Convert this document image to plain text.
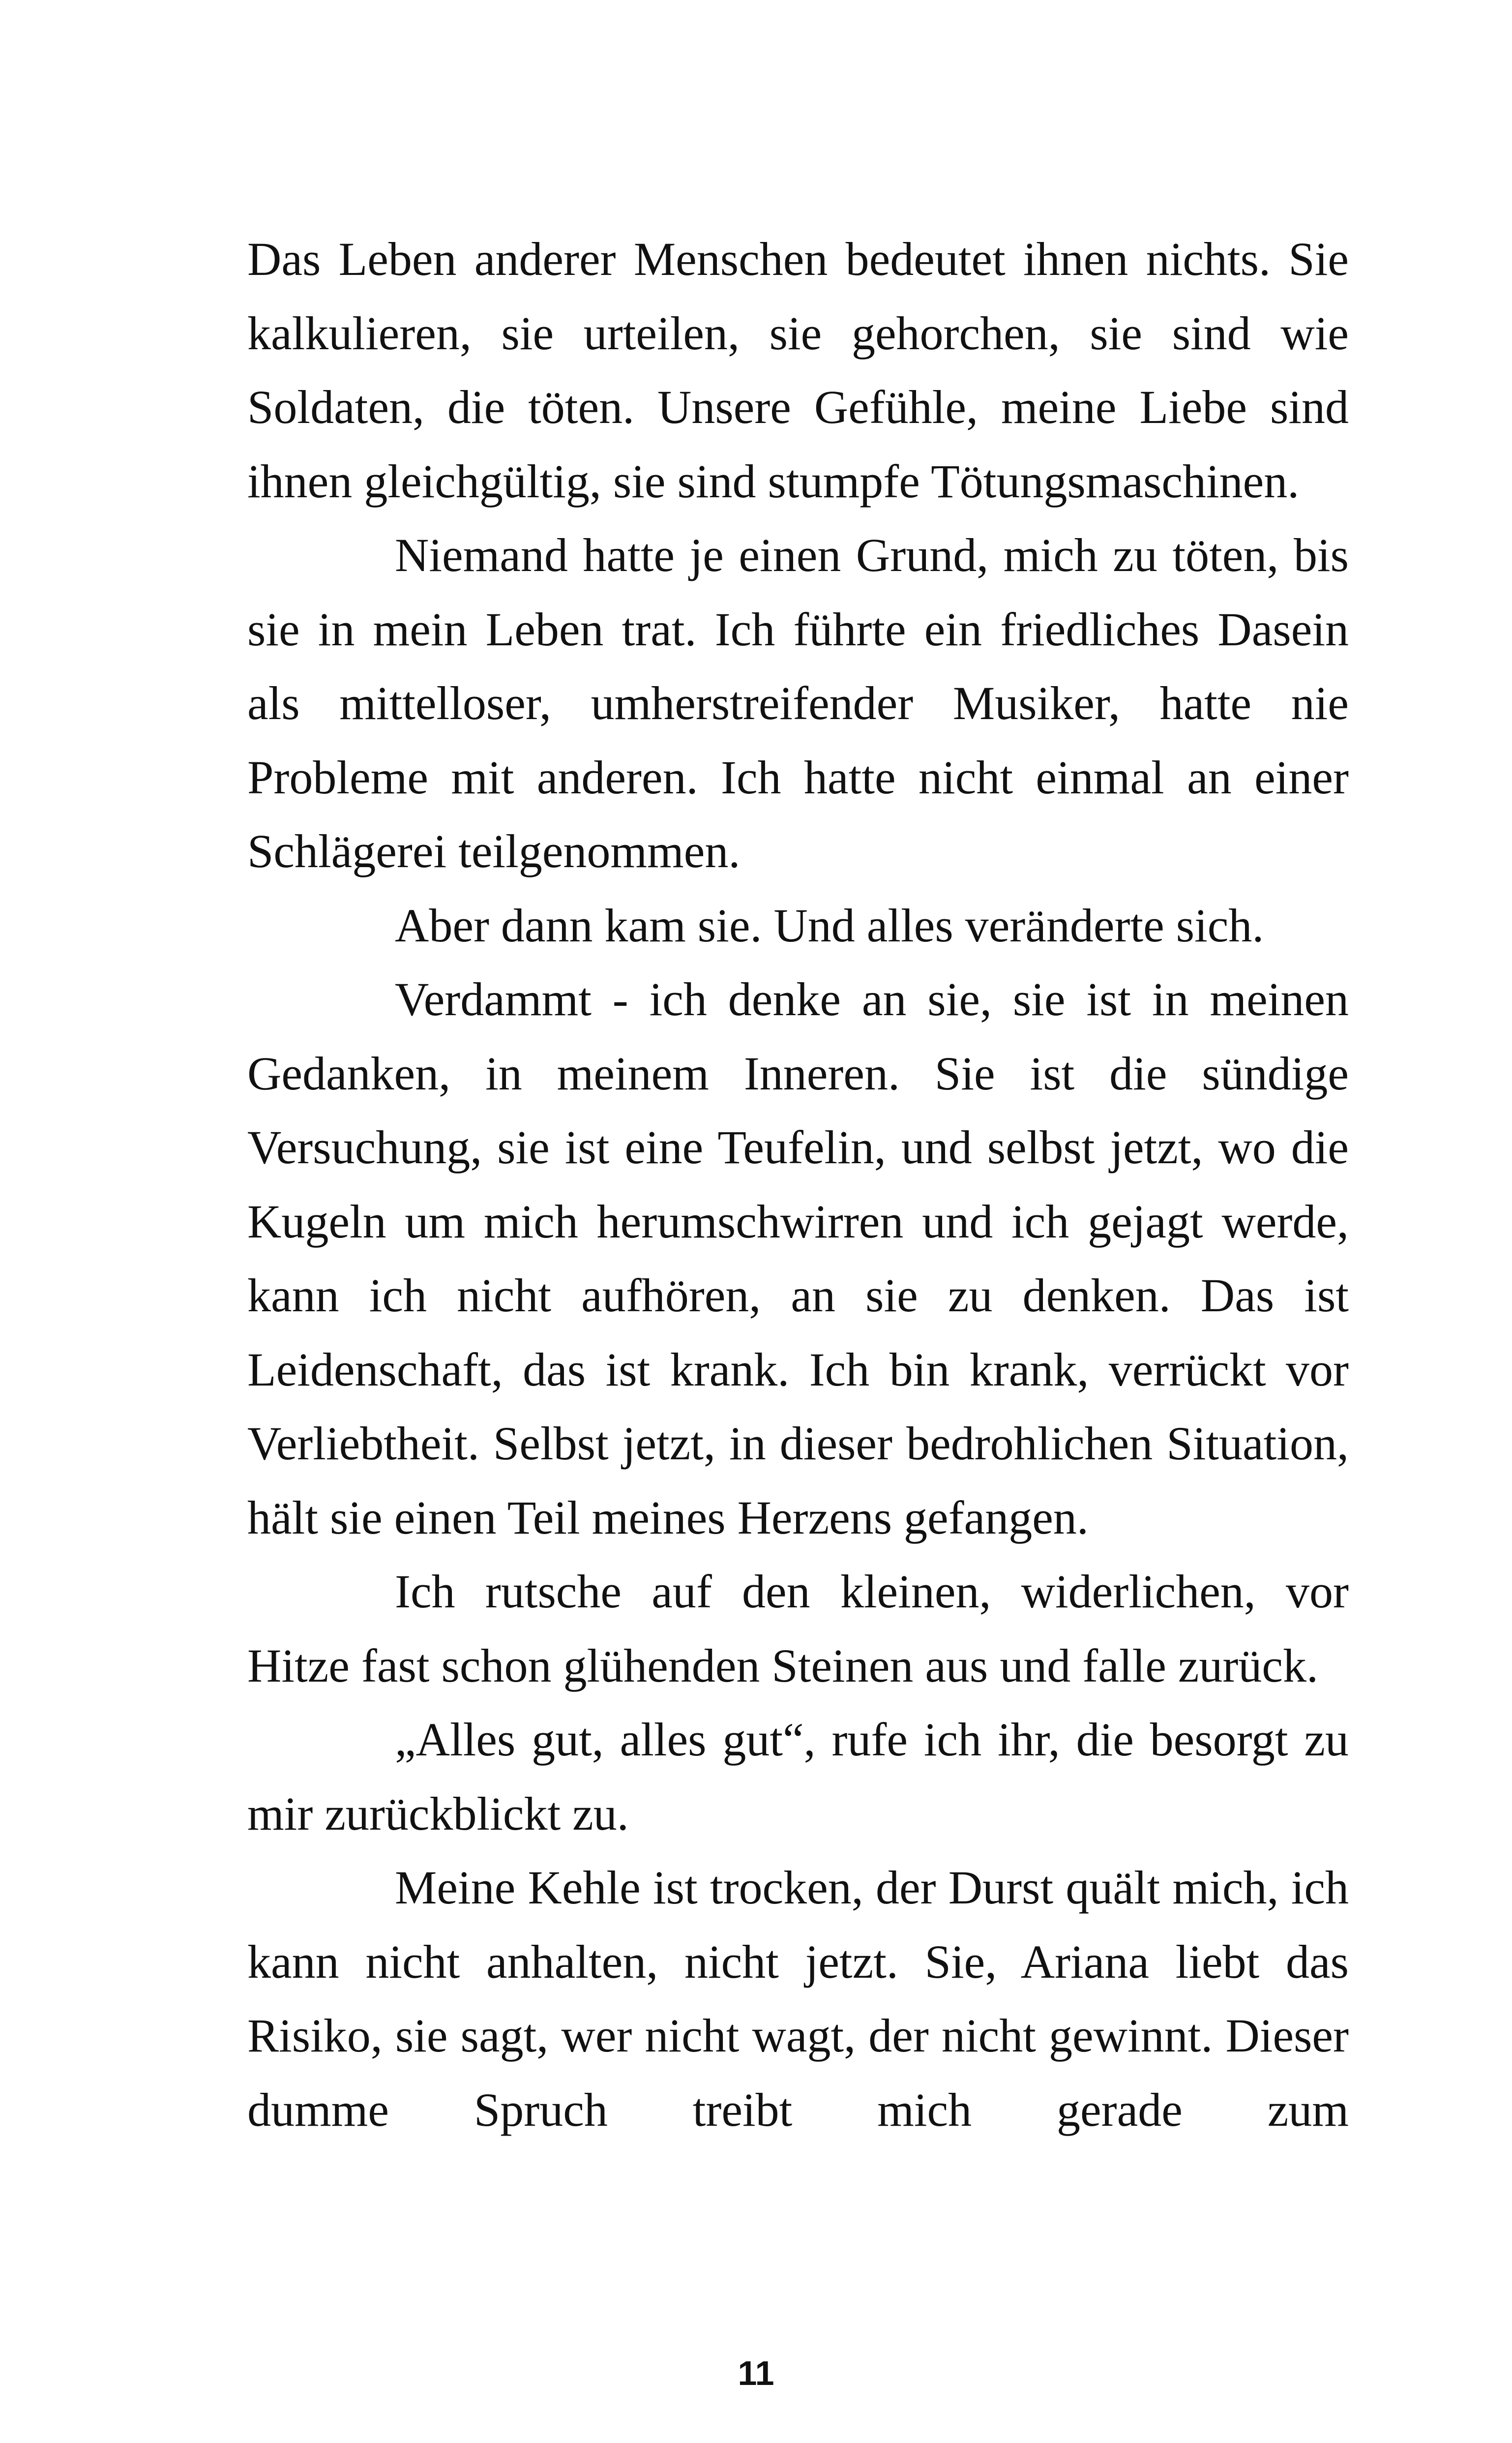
Das Leben anderer Menschen bedeutet ihnen nichts. Sie kalkulieren, sie urteilen, sie gehorchen, sie sind wie Soldaten, die töten. Unsere Gefühle, meine Liebe sind ihnen gleichgültig, sie sind stumpfe Tötungsmaschinen.

Niemand hatte je einen Grund, mich zu töten, bis sie in mein Leben trat. Ich führte ein friedliches Dasein als mittelloser, umherstreifender Musiker, hatte nie Probleme mit anderen. Ich hatte nicht einmal an einer Schlägerei teilgenommen.

Aber dann kam sie. Und alles veränderte sich.

Verdammt - ich denke an sie, sie ist in meinen Gedanken, in meinem Inneren. Sie ist die sündige Versuchung, sie ist eine Teufelin, und selbst jetzt, wo die Kugeln um mich herumschwirren und ich gejagt werde, kann ich nicht aufhören, an sie zu denken. Das ist Leidenschaft, das ist krank. Ich bin krank, verrückt vor Verliebtheit. Selbst jetzt, in dieser bedrohlichen Situation, hält sie einen Teil meines Herzens gefangen.

Ich rutsche auf den kleinen, widerlichen, vor Hitze fast schon glühenden Steinen aus und falle zurück.

„Alles gut, alles gut“, rufe ich ihr, die besorgt zu mir zurückblickt zu.

Meine Kehle ist trocken, der Durst quält mich, ich kann nicht anhalten, nicht jetzt. Sie, Ariana liebt das Risiko, sie sagt, wer nicht wagt, der nicht gewinnt. Dieser dumme Spruch treibt mich gerade zum

11
